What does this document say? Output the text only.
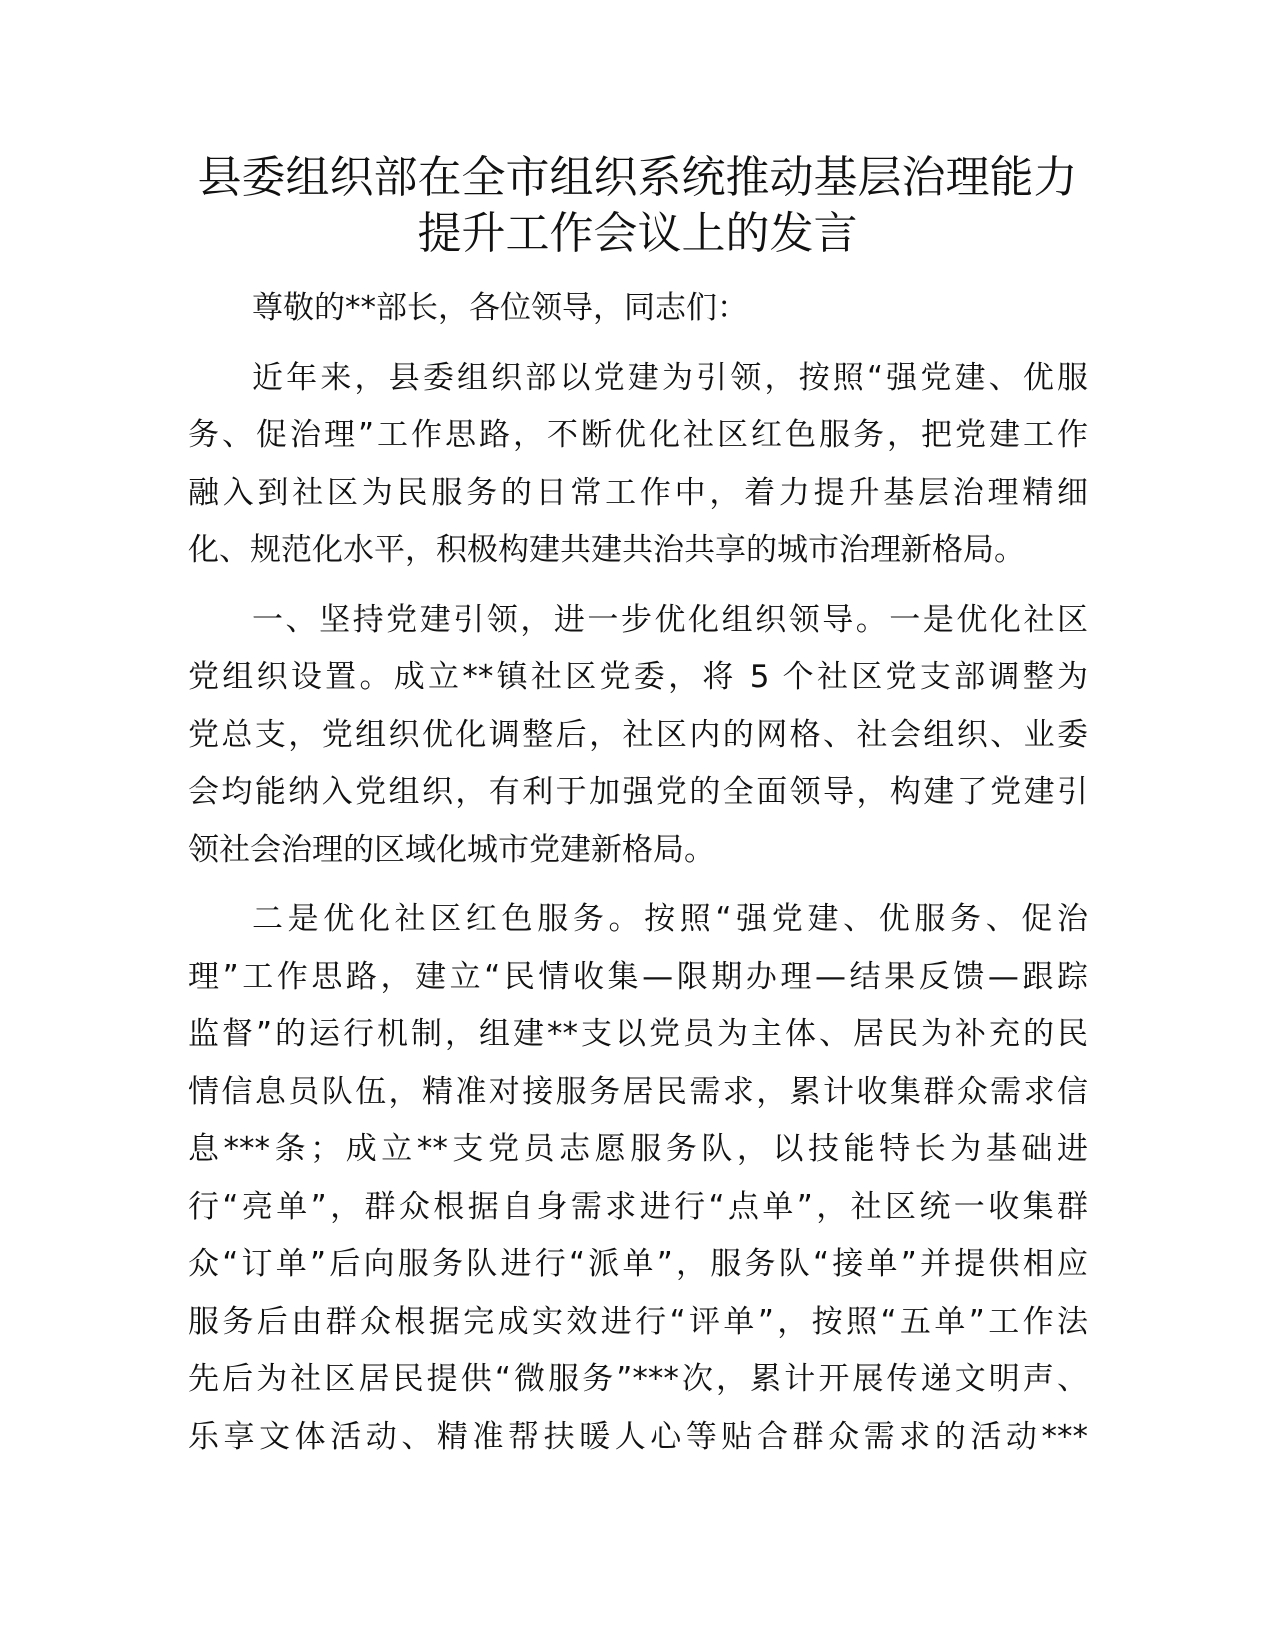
县委组织部在全市组织系统推动基层治理能力
提升工作会议上的发言

尊敬的**部长，各位领导，同志们：

近年来，县委组织部以党建为引领，按照“强党建、优服
务、促治理”工作思路，不断优化社区红色服务，把党建工作
融入到社区为民服务的日常工作中，着力提升基层治理精细
化、规范化水平，积极构建共建共治共享的城市治理新格局。

一、坚持党建引领，进一步优化组织领导。一是优化社区
党组织设置。成立**镇社区党委，将 5 个社区党支部调整为
党总支，党组织优化调整后，社区内的网格、社会组织、业委
会均能纳入党组织，有利于加强党的全面领导，构建了党建引
领社会治理的区域化城市党建新格局。

二是优化社区红色服务。按照“强党建、优服务、促治
理”工作思路，建立“民情收集—限期办理—结果反馈—跟踪
监督”的运行机制，组建**支以党员为主体、居民为补充的民
情信息员队伍，精准对接服务居民需求，累计收集群众需求信
息***条；成立**支党员志愿服务队，以技能特长为基础进
行“亮单”，群众根据自身需求进行“点单”，社区统一收集群
众“订单”后向服务队进行“派单”，服务队“接单”并提供相应
服务后由群众根据完成实效进行“评单”，按照“五单”工作法
先后为社区居民提供“微服务”***次，累计开展传递文明声、
乐享文体活动、精准帮扶暖人心等贴合群众需求的活动***
